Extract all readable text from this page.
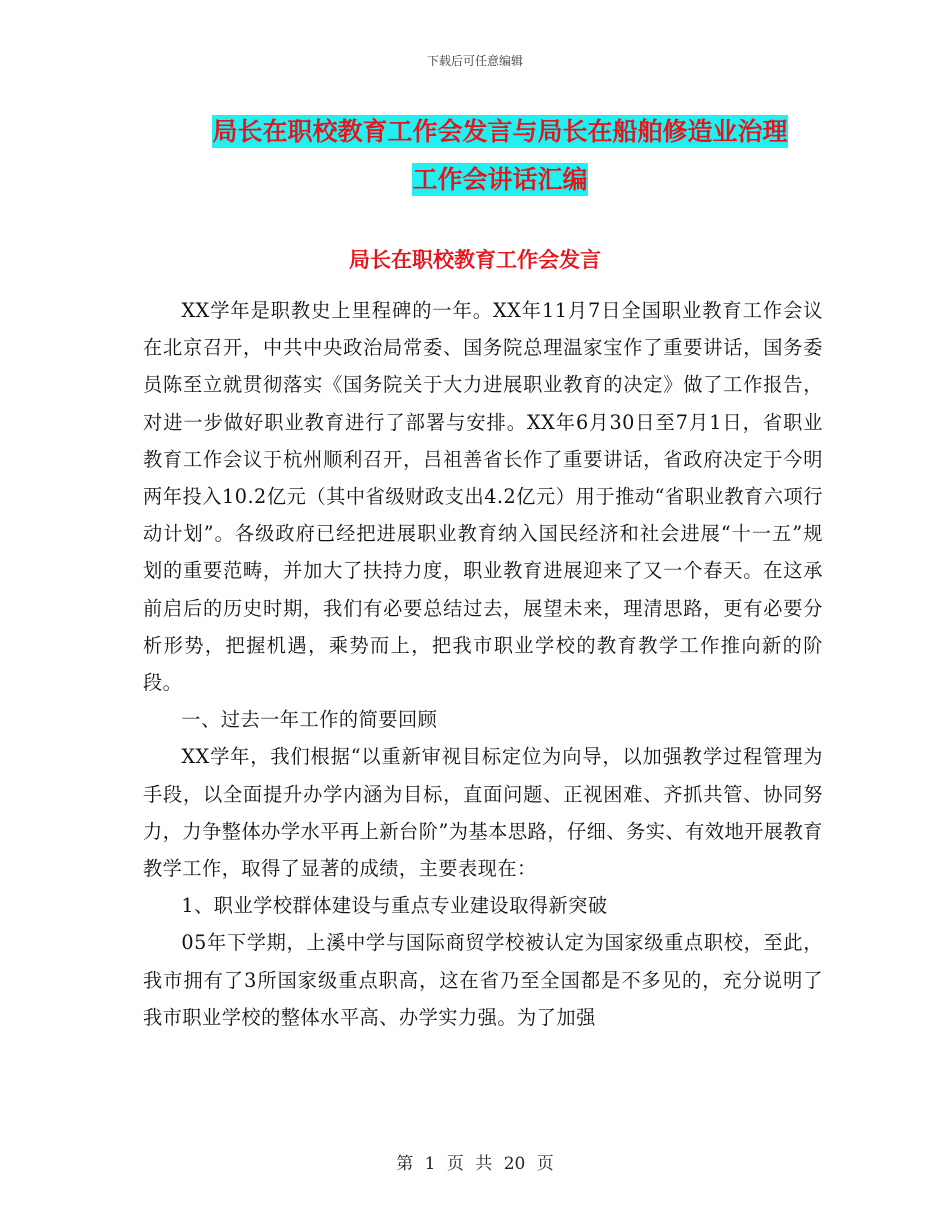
下载后可任意编辑
局长在职校教育工作会发言与局长在船舶修造业治理
工作会讲话汇编
局长在职校教育工作会发言

XX学年是职教史上里程碑的一年。XX年11月7日全国职业教育工作会议在北京召开，中共中央政治局常委、国务院总理温家宝作了重要讲话，国务委员陈至立就贯彻落实《国务院关于大力进展职业教育的决定》做了工作报告，对进一步做好职业教育进行了部署与安排。XX年6月30日至7月1日，省职业教育工作会议于杭州顺利召开，吕祖善省长作了重要讲话，省政府决定于今明两年投入10.2亿元（其中省级财政支出4.2亿元）用于推动“省职业教育六项行动计划”。各级政府已经把进展职业教育纳入国民经济和社会进展“十一五”规划的重要范畴，并加大了扶持力度，职业教育进展迎来了又一个春天。在这承前启后的历史时期，我们有必要总结过去，展望未来，理清思路，更有必要分析形势，把握机遇，乘势而上，把我市职业学校的教育教学工作推向新的阶段。

一、过去一年工作的简要回顾

XX学年，我们根据“以重新审视目标定位为向导，以加强教学过程管理为手段，以全面提升办学内涵为目标，直面问题、正视困难、齐抓共管、协同努力，力争整体办学水平再上新台阶”为基本思路，仔细、务实、有效地开展教育教学工作，取得了显著的成绩，主要表现在：

1、职业学校群体建设与重点专业建设取得新突破

05年下学期，上溪中学与国际商贸学校被认定为国家级重点职校，至此，我市拥有了3所国家级重点职高，这在省乃至全国都是不多见的，充分说明了我市职业学校的整体水平高、办学实力强。为了加强

第 1 页 共 20 页
